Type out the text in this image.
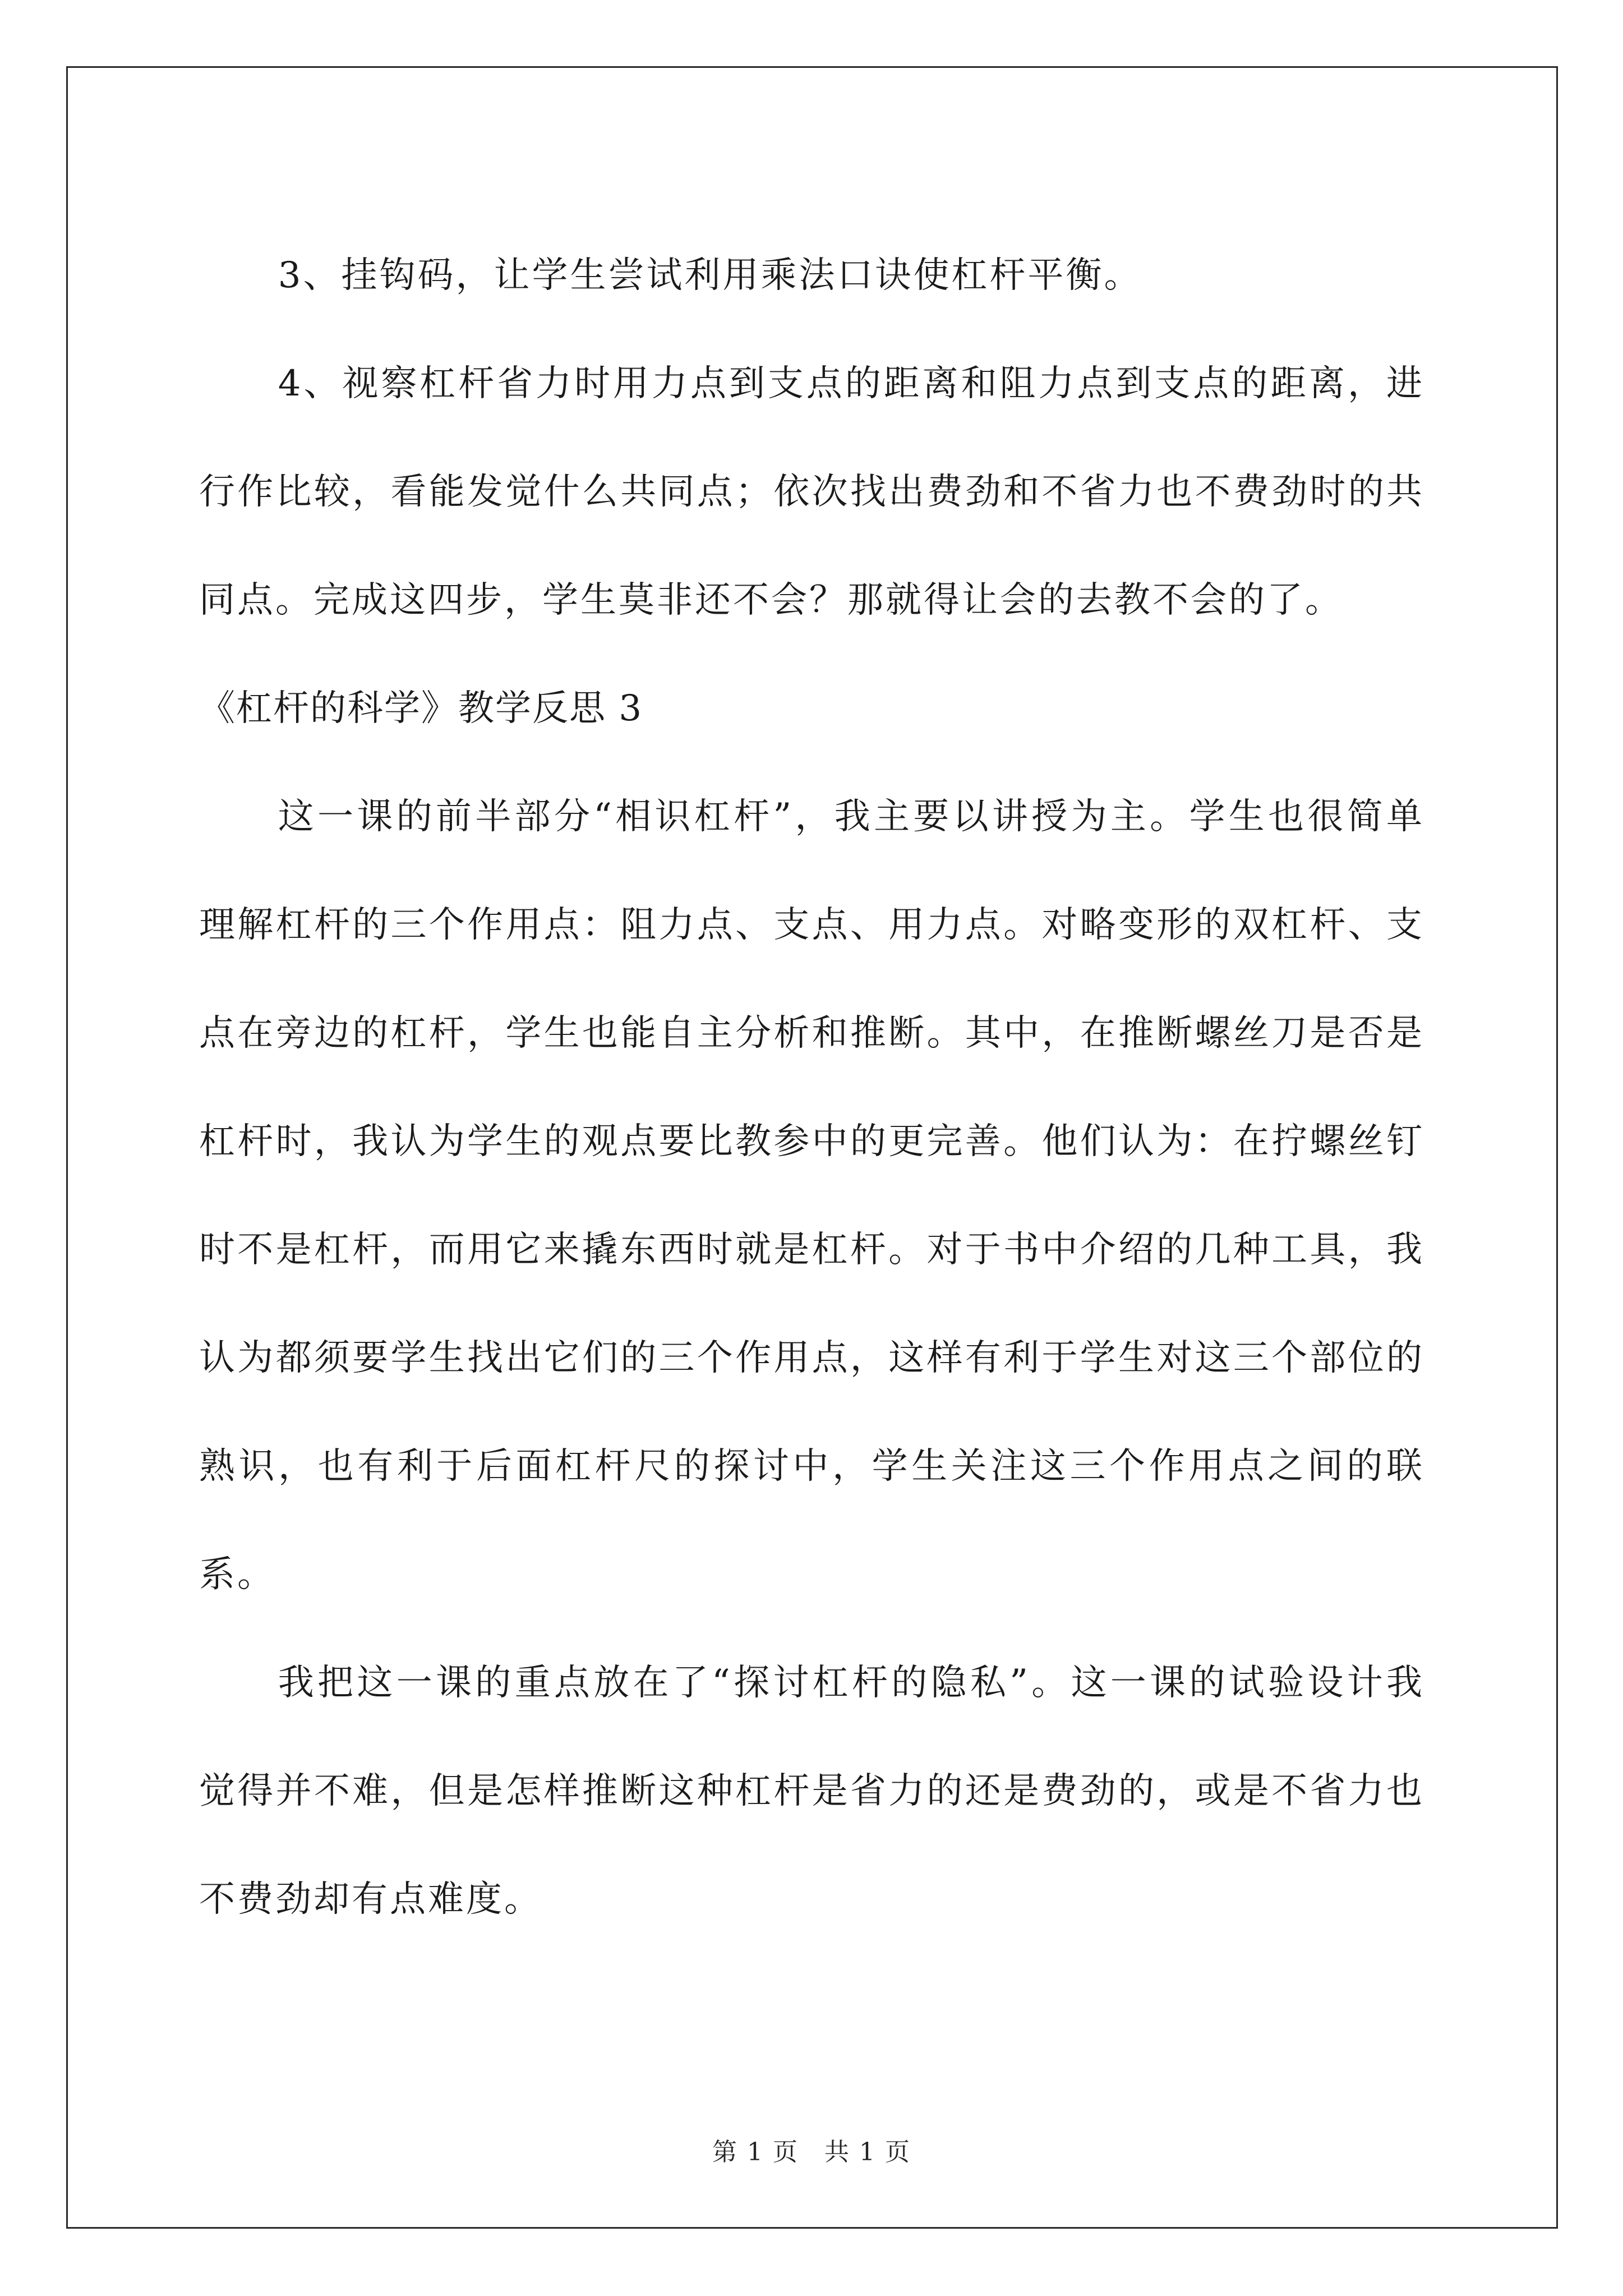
3、挂钩码，让学生尝试利用乘法口诀使杠杆平衡。

4、视察杠杆省力时用力点到支点的距离和阻力点到支点的距离，进行作比较，看能发觉什么共同点；依次找出费劲和不省力也不费劲时的共同点。完成这四步，学生莫非还不会？那就得让会的去教不会的了。

《杠杆的科学》教学反思 3

这一课的前半部分“相识杠杆”，我主要以讲授为主。学生也很简单理解杠杆的三个作用点：阻力点、支点、用力点。对略变形的双杠杆、支点在旁边的杠杆，学生也能自主分析和推断。其中，在推断螺丝刀是否是杠杆时，我认为学生的观点要比教参中的更完善。他们认为：在拧螺丝钉时不是杠杆，而用它来撬东西时就是杠杆。对于书中介绍的几种工具，我认为都须要学生找出它们的三个作用点，这样有利于学生对这三个部位的熟识，也有利于后面杠杆尺的探讨中，学生关注这三个作用点之间的联系。

我把这一课的重点放在了“探讨杠杆的隐私”。这一课的试验设计我觉得并不难，但是怎样推断这种杠杆是省力的还是费劲的，或是不省力也不费劲却有点难度。

第 1 页　共 1 页
